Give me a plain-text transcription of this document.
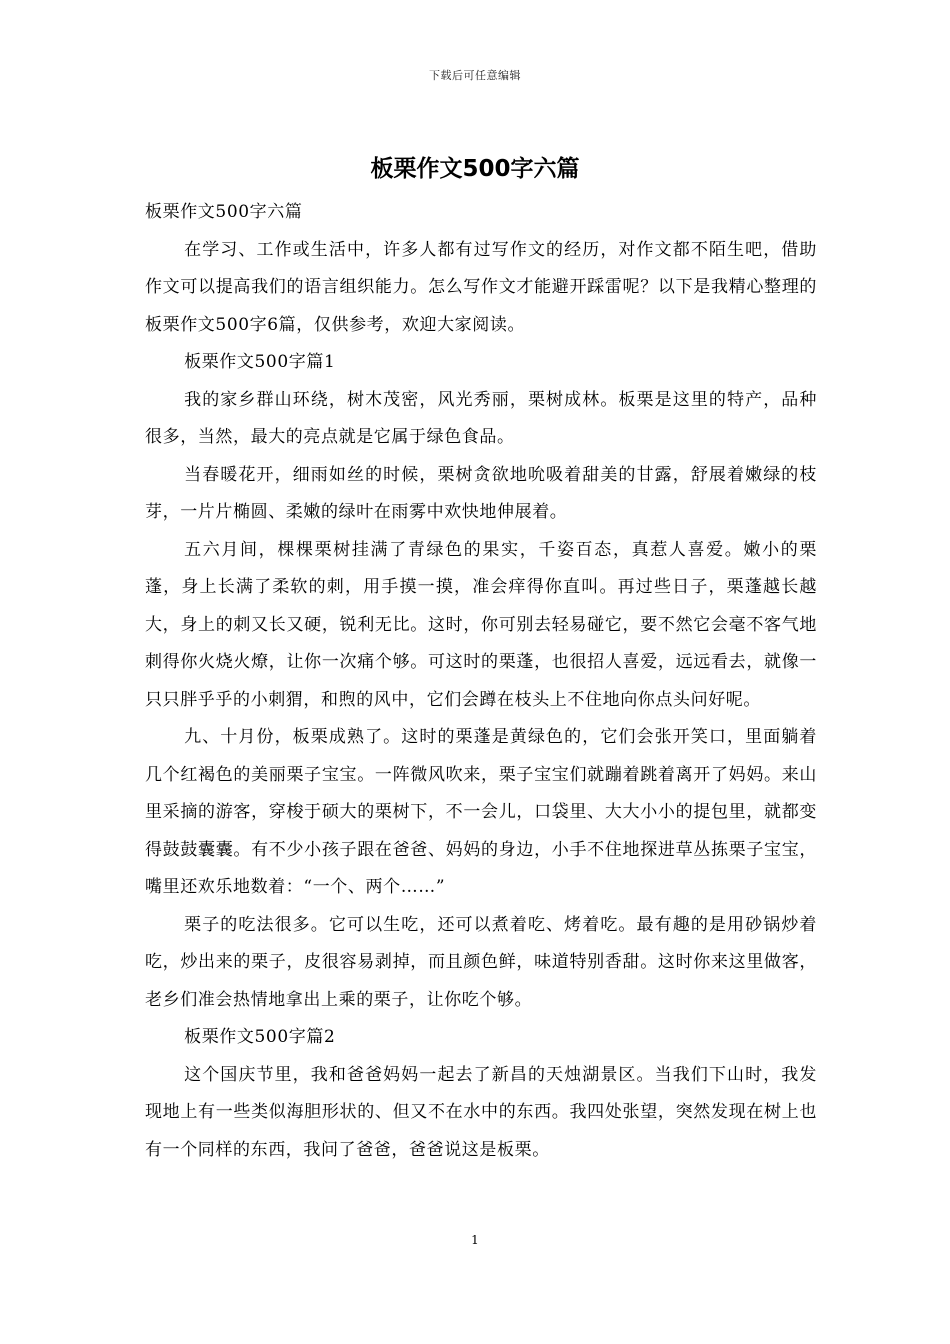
下载后可任意编辑
板栗作文500字六篇

板栗作文500字六篇

在学习、工作或生活中，许多人都有过写作文的经历，对作文都不陌生吧，借助作文可以提高我们的语言组织能力。怎么写作文才能避开踩雷呢？以下是我精心整理的板栗作文500字6篇，仅供参考，欢迎大家阅读。

板栗作文500字篇1

我的家乡群山环绕，树木茂密，风光秀丽，栗树成林。板栗是这里的特产，品种很多，当然，最大的亮点就是它属于绿色食品。

当春暖花开，细雨如丝的时候，栗树贪欲地吮吸着甜美的甘露，舒展着嫩绿的枝芽，一片片椭圆、柔嫩的绿叶在雨雾中欢快地伸展着。

五六月间，棵棵栗树挂满了青绿色的果实，千姿百态，真惹人喜爱。嫩小的栗蓬，身上长满了柔软的刺，用手摸一摸，准会痒得你直叫。再过些日子，栗蓬越长越大，身上的刺又长又硬，锐利无比。这时，你可别去轻易碰它，要不然它会毫不客气地刺得你火烧火燎，让你一次痛个够。可这时的栗蓬，也很招人喜爱，远远看去，就像一只只胖乎乎的小刺猬，和煦的风中，它们会蹲在枝头上不住地向你点头问好呢。

九、十月份，板栗成熟了。这时的栗蓬是黄绿色的，它们会张开笑口，里面躺着几个红褐色的美丽栗子宝宝。一阵微风吹来，栗子宝宝们就蹦着跳着离开了妈妈。来山里采摘的游客，穿梭于硕大的栗树下，不一会儿，口袋里、大大小小的提包里，就都变得鼓鼓囊囊。有不少小孩子跟在爸爸、妈妈的身边，小手不住地探进草丛拣栗子宝宝，嘴里还欢乐地数着：“一个、两个……”

栗子的吃法很多。它可以生吃，还可以煮着吃、烤着吃。最有趣的是用砂锅炒着吃，炒出来的栗子，皮很容易剥掉，而且颜色鲜，味道特别香甜。这时你来这里做客，老乡们准会热情地拿出上乘的栗子，让你吃个够。

板栗作文500字篇2

这个国庆节里，我和爸爸妈妈一起去了新昌的天烛湖景区。当我们下山时，我发现地上有一些类似海胆形状的、但又不在水中的东西。我四处张望，突然发现在树上也有一个同样的东西，我问了爸爸，爸爸说这是板栗。

1
